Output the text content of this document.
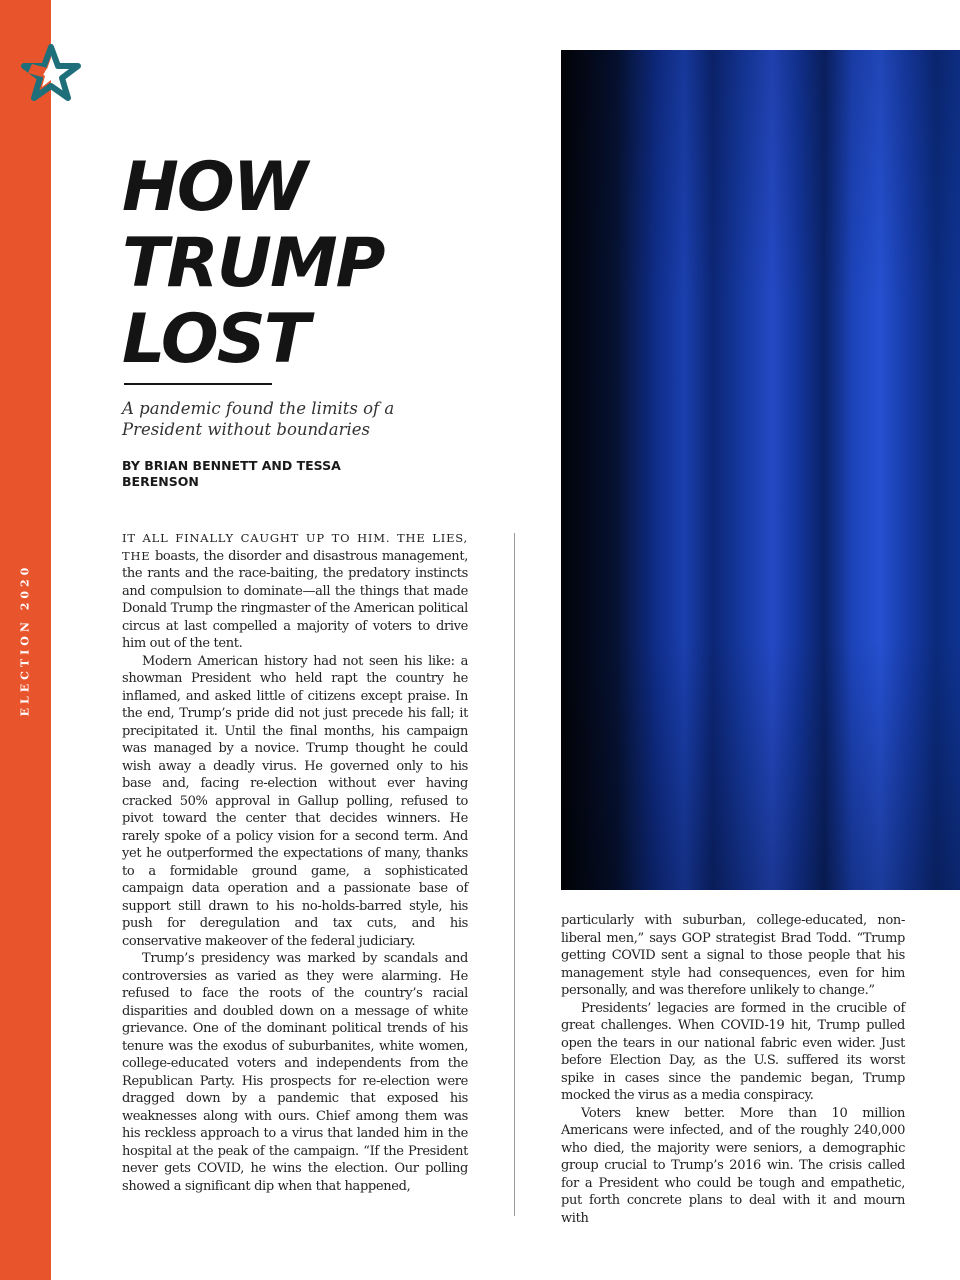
ELECTION 2020
HOW
TRUMP
LOST
A pandemic found the limits of a President without boundaries
BY BRIAN BENNETT AND TESSA BERENSON

IT ALL FINALLY CAUGHT UP TO HIM. THE LIES, THE boasts, the disorder and disastrous management, the rants and the race-baiting, the predatory instincts and compulsion to dominate—all the things that made Donald Trump the ringmaster of the American political circus at last compelled a majority of voters to drive him out of the tent.

Modern American history had not seen his like: a showman President who held rapt the country he inflamed, and asked little of citizens except praise. In the end, Trump’s pride did not just precede his fall; it precipitated it. Until the final months, his campaign was managed by a novice. Trump thought he could wish away a deadly virus. He governed only to his base and, facing re-election without ever having cracked 50% approval in Gallup polling, refused to pivot toward the center that decides winners. He rarely spoke of a policy vision for a second term. And yet he outperformed the expectations of many, thanks to a formidable ground game, a sophisticated campaign data operation and a passionate base of support still drawn to his no-holds-barred style, his push for deregulation and tax cuts, and his conservative makeover of the federal judiciary.

Trump’s presidency was marked by scandals and controversies as varied as they were alarming. He refused to face the roots of the country’s racial disparities and doubled down on a message of white grievance. One of the dominant political trends of his tenure was the exodus of suburbanites, white women, college-educated voters and independents from the Republican Party. His prospects for re-election were dragged down by a pandemic that exposed his weaknesses along with ours. Chief among them was his reckless approach to a virus that landed him in the hospital at the peak of the campaign. “If the President never gets COVID, he wins the election. Our polling showed a significant dip when that happened,

particularly with suburban, college-educated, non-liberal men,” says GOP strategist Brad Todd. “Trump getting COVID sent a signal to those people that his management style had consequences, even for him personally, and was therefore unlikely to change.”

Presidents’ legacies are formed in the crucible of great challenges. When COVID-19 hit, Trump pulled open the tears in our national fabric even wider. Just before Election Day, as the U.S. suffered its worst spike in cases since the pandemic began, Trump mocked the virus as a media conspiracy.

Voters knew better. More than 10 million Americans were infected, and of the roughly 240,000 who died, the majority were seniors, a demographic group crucial to Trump’s 2016 win. The crisis called for a President who could be tough and empathetic, put forth concrete plans to deal with it and mourn with
